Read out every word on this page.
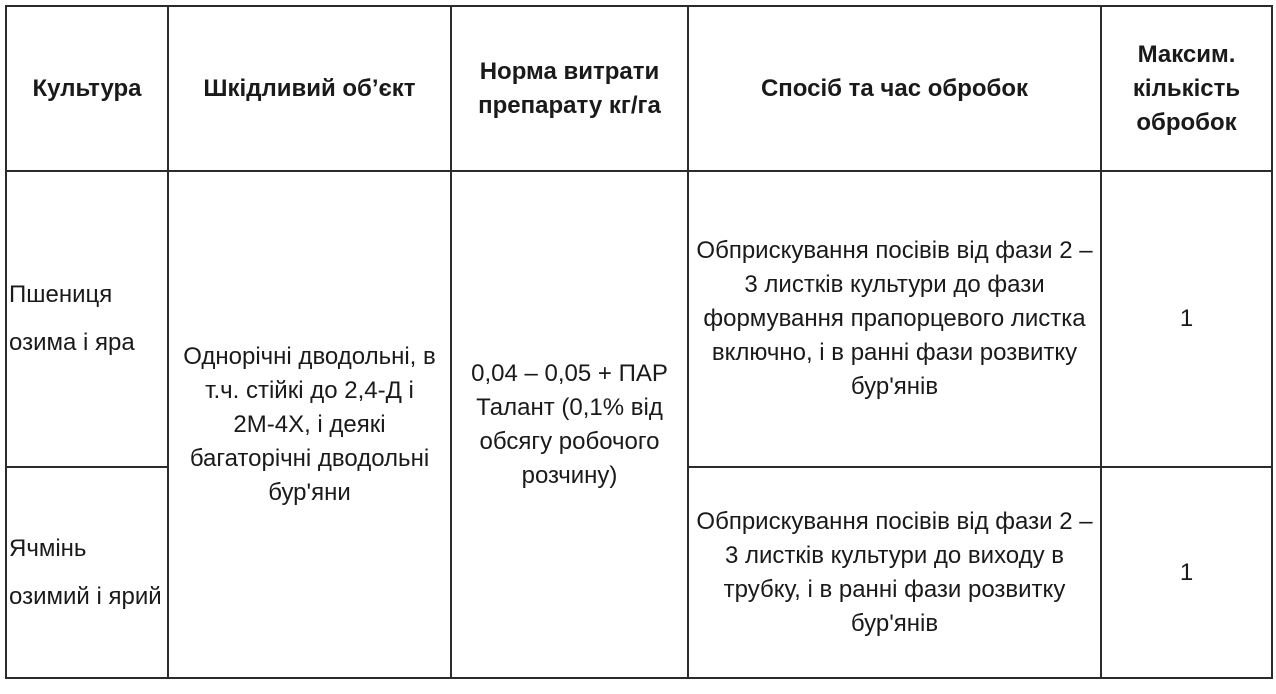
Культура	Шкідливий об’єкт	Норма витрати препарату кг/га	Спосіб та час обробок	Максим. кількість обробок
Пшениця озима і яра	Однорічні дводольні, в т.ч. стійкі до 2,4-Д і 2М-4Х, і деякі багаторічні дводольні бур'яни	0,04 – 0,05 + ПАР Талант (0,1% від обсягу робочого розчину)	Обприскування посівів від фази 2 – 3 листків культури до фази формування прапорцевого листка включно, і в ранні фази розвитку бур'янів	1
Ячмінь озимий і ярий			Обприскування посівів від фази 2 – 3 листків культури до виходу в трубку, і в ранні фази розвитку бур'янів	1
